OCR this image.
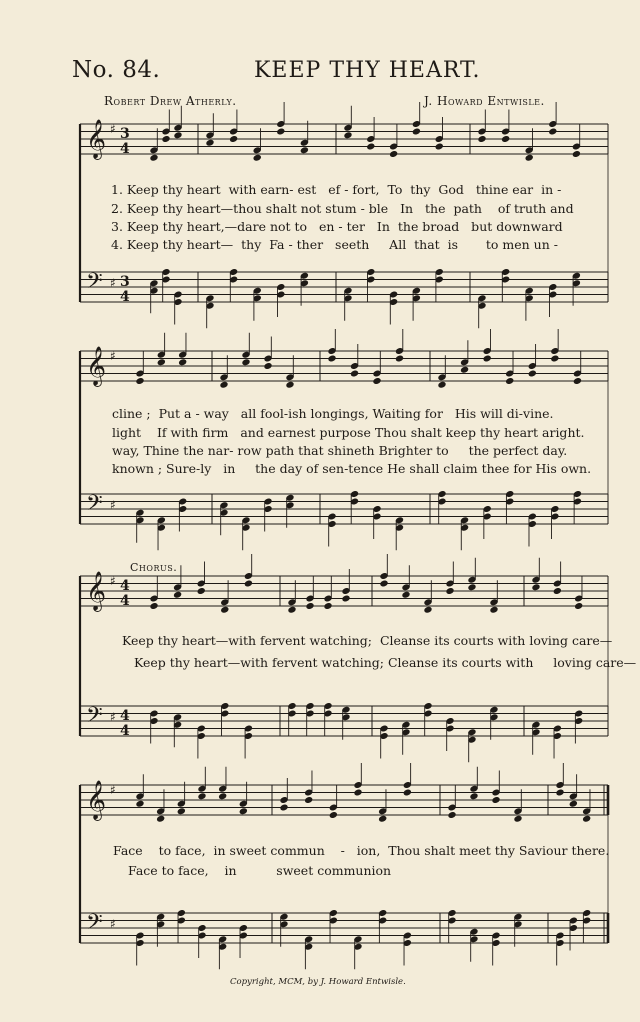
No. 84.	KEEP THY HEART.
Robert Drew Atherly.	J. Howard Entwisle.
𝄞 ♯ 3
4
𝄢 ♯ 3
4
𝄞 ♯
𝄢 ♯
𝄞 ♯ 4
4
𝄢 ♯ 4
4
𝄞 ♯
𝄢 ♯
1. Keep thy heart  with earn- est   ef - fort,  To  thy  God   thine ear  in -
2. Keep thy heart—thou shalt not stum - ble   In   the  path    of truth and
3. Keep thy heart,—dare not to   en - ter   In  the broad   but downward
4. Keep thy heart—  thy  Fa - ther   seeth     All  that  is       to men un -
cline ;  Put a - way   all fool-ish longings, Waiting for   His will di-vine.
light    If with firm   and earnest purpose Thou shalt keep thy heart aright.
way, Thine the nar- row path that shineth Brighter to     the perfect day.
known ; Sure-ly   in     the day of sen-tence He shall claim thee for His own.
Chorus.
Keep thy heart—with fervent watching;  Cleanse its courts with loving care—
Keep thy heart—with fervent watching; Cleanse its courts with     loving care—
Face    to face,  in sweet commun    -   ion,  Thou shalt meet thy Saviour there.
Face to face,    in          sweet communion
Copyright, MCM, by J. Howard Entwisle.
